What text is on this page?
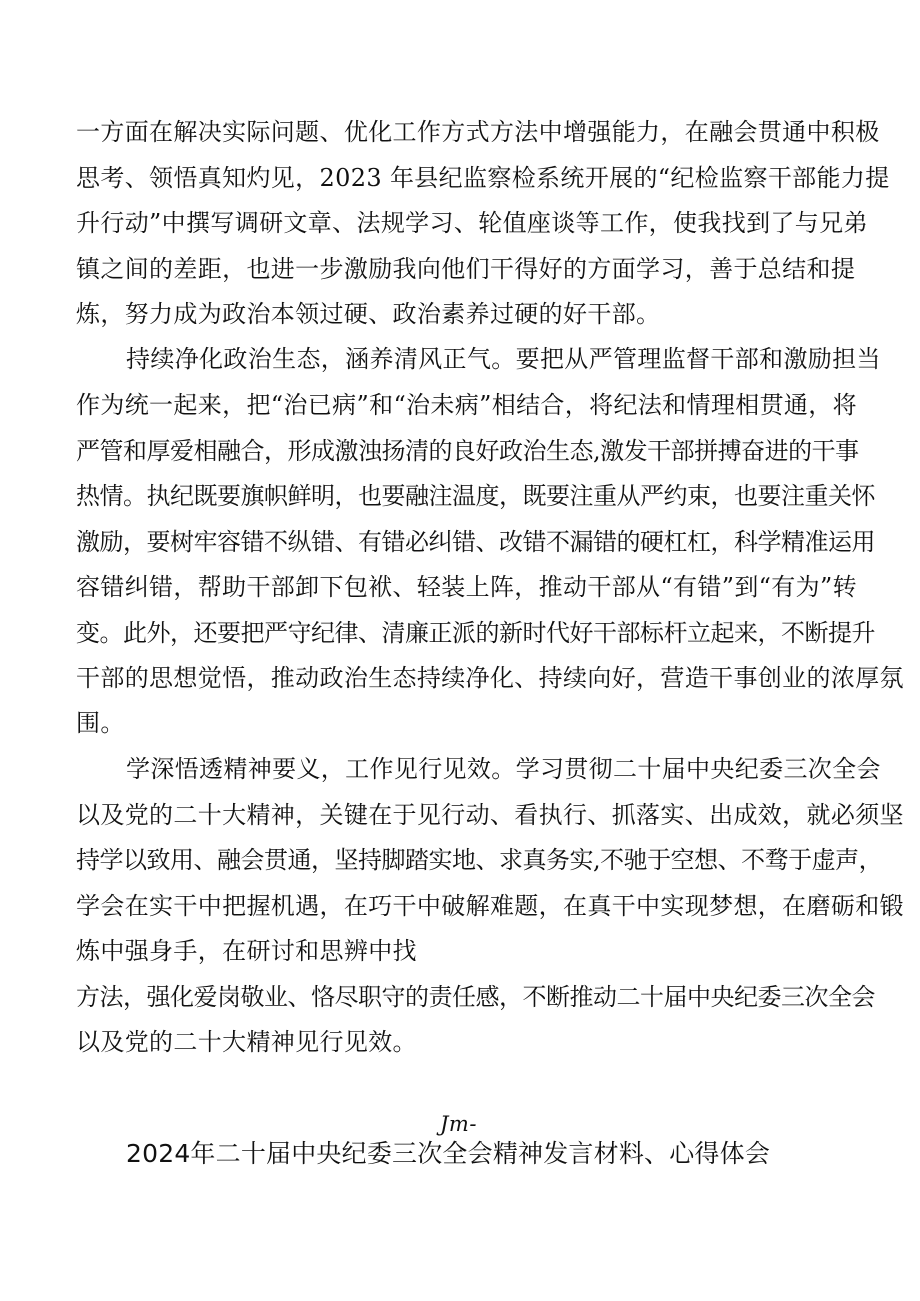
一方面在解决实际问题、优化工作方式方法中增强能力，在融会贯通中积极
思考、领悟真知灼见，2023 年县纪监察检系统开展的“纪检监察干部能力提
升行动”中撰写调研文章、法规学习、轮值座谈等工作，使我找到了与兄弟
镇之间的差距，也进一步激励我向他们干得好的方面学习，善于总结和提
炼，努力成为政治本领过硬、政治素养过硬的好干部。
持续净化政治生态，涵养清风正气。要把从严管理监督干部和激励担当
作为统一起来，把“治已病”和“治未病”相结合，将纪法和情理相贯通，将
严管和厚爱相融合，形成激浊扬清的良好政治生态,激发干部拼搏奋进的干事
热情。执纪既要旗帜鲜明，也要融注温度，既要注重从严约束，也要注重关怀
激励，要树牢容错不纵错、有错必纠错、改错不漏错的硬杠杠，科学精准运用
容错纠错，帮助干部卸下包袱、轻装上阵，推动干部从“有错”到“有为”转
变。此外，还要把严守纪律、清廉正派的新时代好干部标杆立起来，不断提升
干部的思想觉悟，推动政治生态持续净化、持续向好，营造干事创业的浓厚氛
围。
学深悟透精神要义，工作见行见效。学习贯彻二十届中央纪委三次全会
以及党的二十大精神，关键在于见行动、看执行、抓落实、出成效，就必须坚
持学以致用、融会贯通，坚持脚踏实地、求真务实,不驰于空想、不骛于虚声，
学会在实干中把握机遇，在巧干中破解难题，在真干中实现梦想，在磨砺和锻
炼中强身手，在研讨和思辨中找
方法，强化爱岗敬业、恪尽职守的责任感，不断推动二十届中央纪委三次全会
以及党的二十大精神见行见效。
Jm-
2024年二十届中央纪委三次全会精神发言材料、心得体会
